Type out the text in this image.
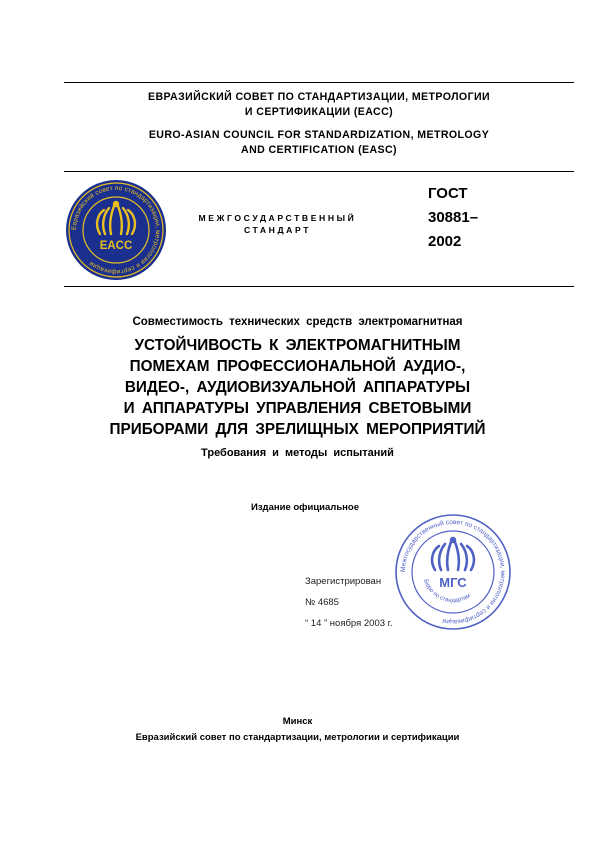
ЕВРАЗИЙСКИЙ СОВЕТ ПО СТАНДАРТИЗАЦИИ, МЕТРОЛОГИИ
И СЕРТИФИКАЦИИ (ЕАСС)
EURO-ASIAN COUNCIL FOR STANDARDIZATION, METROLOGY
AND CERTIFICATION (EASC)
Евразийский совет по стандартизации, метрологии и сертификации
EACC
МЕЖГОСУДАРСТВЕННЫЙ
СТАНДАРТ
ГОСТ
30881–
2002
Совместимость технических средств электромагнитная
УСТОЙЧИВОСТЬ К ЭЛЕКТРОМАГНИТНЫМ
ПОМЕХАМ ПРОФЕССИОНАЛЬНОЙ АУДИО-,
ВИДЕО-, АУДИОВИЗУАЛЬНОЙ АППАРАТУРЫ
И АППАРАТУРЫ УПРАВЛЕНИЯ СВЕТОВЫМИ
ПРИБОРАМИ ДЛЯ ЗРЕЛИЩНЫХ МЕРОПРИЯТИЙ
Требования и методы испытаний
Издание официальное
Зарегистрирован
№ 4685
“ 14 ” ноября 2003 г.
Межгосударственный совет по стандартизации, метрологии и сертификации
Бюро по стандартам
МГС
Минск
Евразийский совет по стандартизации, метрологии и сертификации
